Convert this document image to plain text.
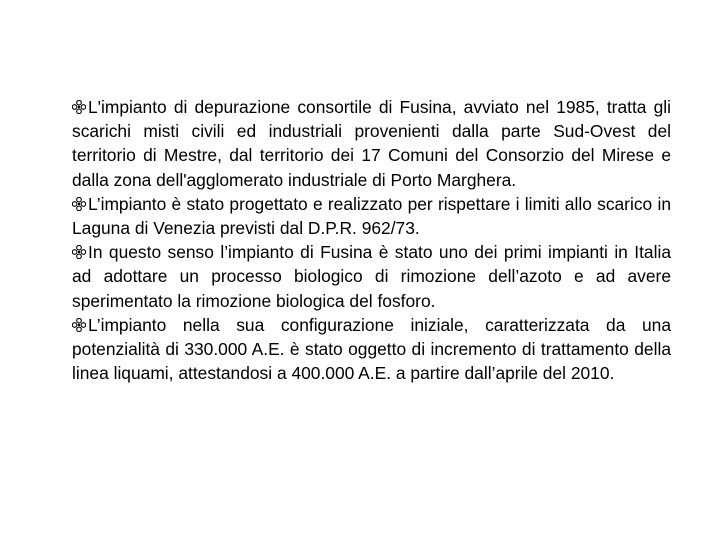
L'impianto di depurazione consortile di Fusina, avviato nel 1985, tratta gli scarichi misti civili ed industriali provenienti dalla parte Sud-Ovest del territorio di Mestre, dal territorio dei 17 Comuni del Consorzio del Mirese e dalla zona dell'agglomerato industriale di Porto Marghera.

L’impianto è stato progettato e realizzato per rispettare i limiti allo scarico in Laguna di Venezia previsti dal D.P.R. 962/73.

In questo senso l’impianto di Fusina è stato uno dei primi impianti in Italia ad adottare un processo biologico di rimozione dell’azoto e ad avere sperimentato la rimozione biologica del fosforo.

L’impianto nella sua configurazione iniziale, caratterizzata da una potenzialità di 330.000 A.E. è stato oggetto di incremento di trattamento della linea liquami, attestandosi a 400.000 A.E. a partire dall’aprile del 2010.
